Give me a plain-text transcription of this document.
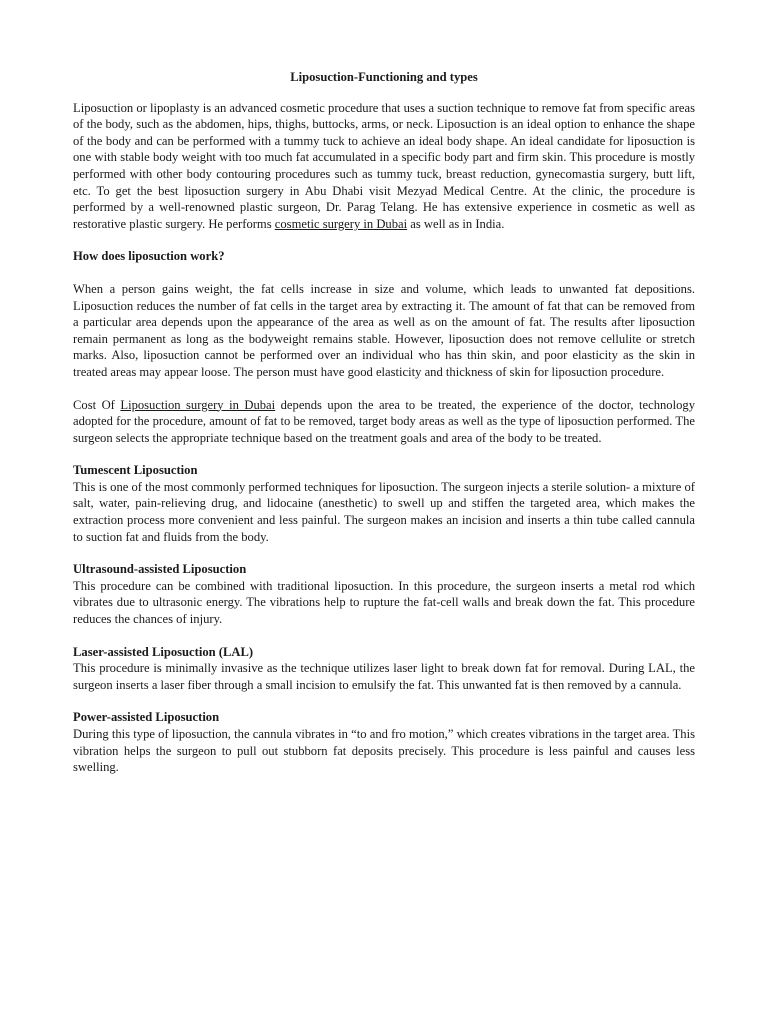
Liposuction-Functioning and types

Liposuction or lipoplasty is an advanced cosmetic procedure that uses a suction technique to remove fat from specific areas of the body, such as the abdomen, hips, thighs, buttocks, arms, or neck. Liposuction is an ideal option to enhance the shape of the body and can be performed with a tummy tuck to achieve an ideal body shape. An ideal candidate for liposuction is one with stable body weight with too much fat accumulated in a specific body part and firm skin. This procedure is mostly performed with other body contouring procedures such as tummy tuck, breast reduction, gynecomastia surgery, butt lift, etc. To get the best liposuction surgery in Abu Dhabi visit Mezyad Medical Centre. At the clinic, the procedure is performed by a well-renowned plastic surgeon, Dr. Parag Telang. He has extensive experience in cosmetic as well as restorative plastic surgery. He performs cosmetic surgery in Dubai as well as in India.

How does liposuction work?

When a person gains weight, the fat cells increase in size and volume, which leads to unwanted fat depositions. Liposuction reduces the number of fat cells in the target area by extracting it. The amount of fat that can be removed from a particular area depends upon the appearance of the area as well as on the amount of fat. The results after liposuction remain permanent as long as the bodyweight remains stable. However, liposuction does not remove cellulite or stretch marks. Also, liposuction cannot be performed over an individual who has thin skin, and poor elasticity as the skin in treated areas may appear loose. The person must have good elasticity and thickness of skin for liposuction procedure.

Cost Of Liposuction surgery in Dubai depends upon the area to be treated, the experience of the doctor, technology adopted for the procedure, amount of fat to be removed, target body areas as well as the type of liposuction performed. The surgeon selects the appropriate technique based on the treatment goals and area of the body to be treated.

Tumescent Liposuction

This is one of the most commonly performed techniques for liposuction. The surgeon injects a sterile solution- a mixture of salt, water, pain-relieving drug, and lidocaine (anesthetic) to swell up and stiffen the targeted area, which makes the extraction process more convenient and less painful. The surgeon makes an incision and inserts a thin tube called cannula to suction fat and fluids from the body.

Ultrasound-assisted Liposuction

This procedure can be combined with traditional liposuction. In this procedure, the surgeon inserts a metal rod which vibrates due to ultrasonic energy. The vibrations help to rupture the fat-cell walls and break down the fat. This procedure reduces the chances of injury.

Laser-assisted Liposuction (LAL)

This procedure is minimally invasive as the technique utilizes laser light to break down fat for removal. During LAL, the surgeon inserts a laser fiber through a small incision to emulsify the fat. This unwanted fat is then removed by a cannula.

Power-assisted Liposuction

During this type of liposuction, the cannula vibrates in “to and fro motion,” which creates vibrations in the target area. This vibration helps the surgeon to pull out stubborn fat deposits precisely. This procedure is less painful and causes less swelling.
